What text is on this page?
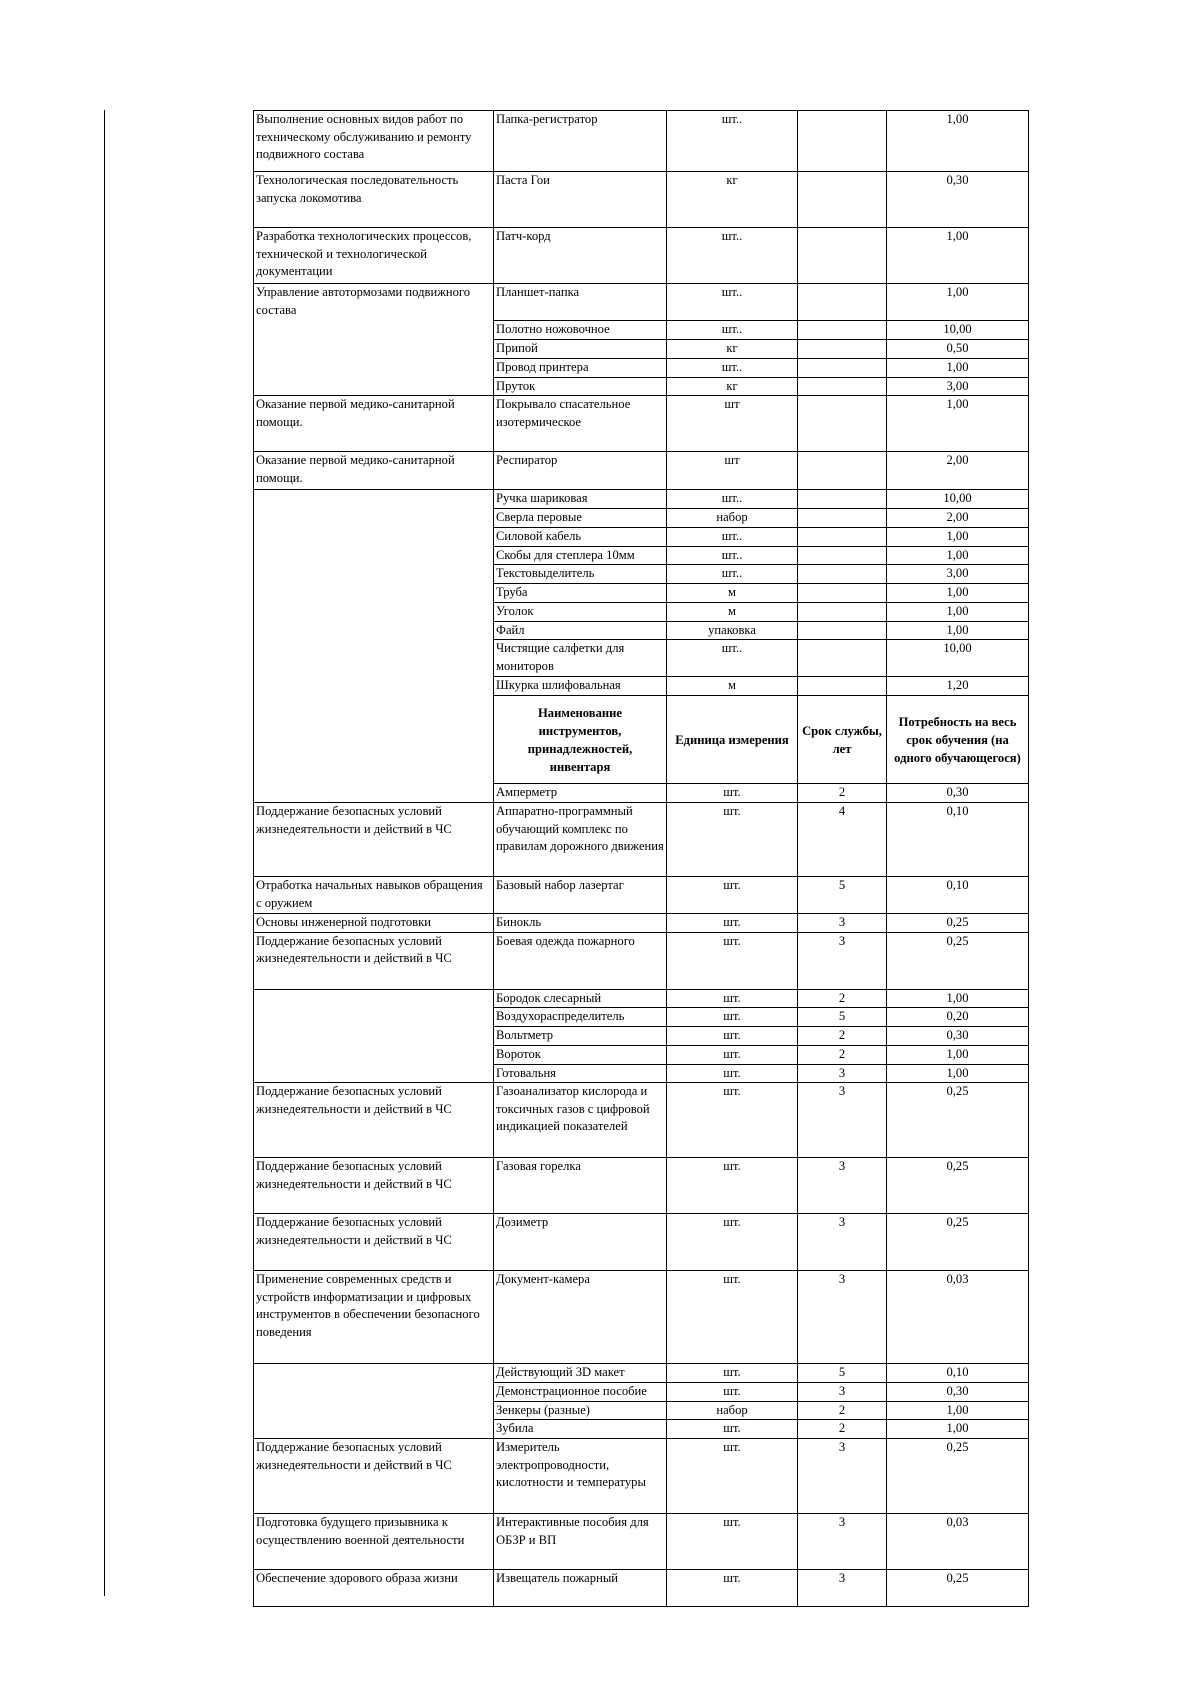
Выполнение основных видов работ по техническому обслуживанию и ремонту подвижного состава	Папка-регистратор	шт..		1,00
Технологическая последовательность запуска локомотива	Паста Гои	кг		0,30
Разработка технологических процессов, технической и технологической документации	Патч-корд	шт..		1,00
Управление автотормозами подвижного состава	Планшет-папка	шт..		1,00
	Полотно ножовочное	шт..		10,00
	Припой	кг		0,50
	Провод принтера	шт..		1,00
	Пруток	кг		3,00
Оказание первой медико-санитарной помощи.	Покрывало спасательное изотермическое	шт		1,00
Оказание первой медико-санитарной помощи.	Респиратор	шт		2,00
	Ручка шариковая	шт..		10,00
	Сверла перовые	набор		2,00
	Силовой кабель	шт..		1,00
	Скобы для степлера 10мм	шт..		1,00
	Текстовыделитель	шт..		3,00
	Труба	м		1,00
	Уголок	м		1,00
	Файл	упаковка		1,00
	Чистящие салфетки для мониторов	шт..		10,00
	Шкурка шлифовальная	м		1,20
	Наименование инструментов, принадлежностей, инвентаря	Единица измерения	Срок службы, лет	Потребность на весь срок обучения (на одного обучающегося)
	Амперметр	шт.	2	0,30
Поддержание безопасных условий жизнедеятельности и действий в ЧС	Аппаратно-программный обучающий комплекс по правилам дорожного движения	шт.	4	0,10
Отработка начальных навыков обращения с оружием	Базовый набор лазертаг	шт.	5	0,10
Основы инженерной подготовки	Бинокль	шт.	3	0,25
Поддержание безопасных условий жизнедеятельности и действий в ЧС	Боевая одежда пожарного	шт.	3	0,25
	Бородок слесарный	шт.	2	1,00
	Воздухораспределитель	шт.	5	0,20
	Вольтметр	шт.	2	0,30
	Вороток	шт.	2	1,00
	Готовальня	шт.	3	1,00
Поддержание безопасных условий жизнедеятельности и действий в ЧС	Газоанализатор кислорода и токсичных газов с цифровой индикацией показателей	шт.	3	0,25
Поддержание безопасных условий жизнедеятельности и действий в ЧС	Газовая горелка	шт.	3	0,25
Поддержание безопасных условий жизнедеятельности и действий в ЧС	Дозиметр	шт.	3	0,25
Применение современных средств и устройств информатизации и цифровых инструментов в обеспечении безопасного поведения	Документ-камера	шт.	3	0,03
	Действующий 3D макет	шт.	5	0,10
	Демонстрационное пособие	шт.	3	0,30
	Зенкеры (разные)	набор	2	1,00
	Зубила	шт.	2	1,00
Поддержание безопасных условий жизнедеятельности и действий в ЧС	Измеритель электропроводности, кислотности и температуры	шт.	3	0,25
Подготовка будущего призывника к осуществлению военной деятельности	Интерактивные пособия для ОБЗР и ВП	шт.	3	0,03
Обеспечение здорового образа жизни	Извещатель пожарный	шт.	3	0,25
